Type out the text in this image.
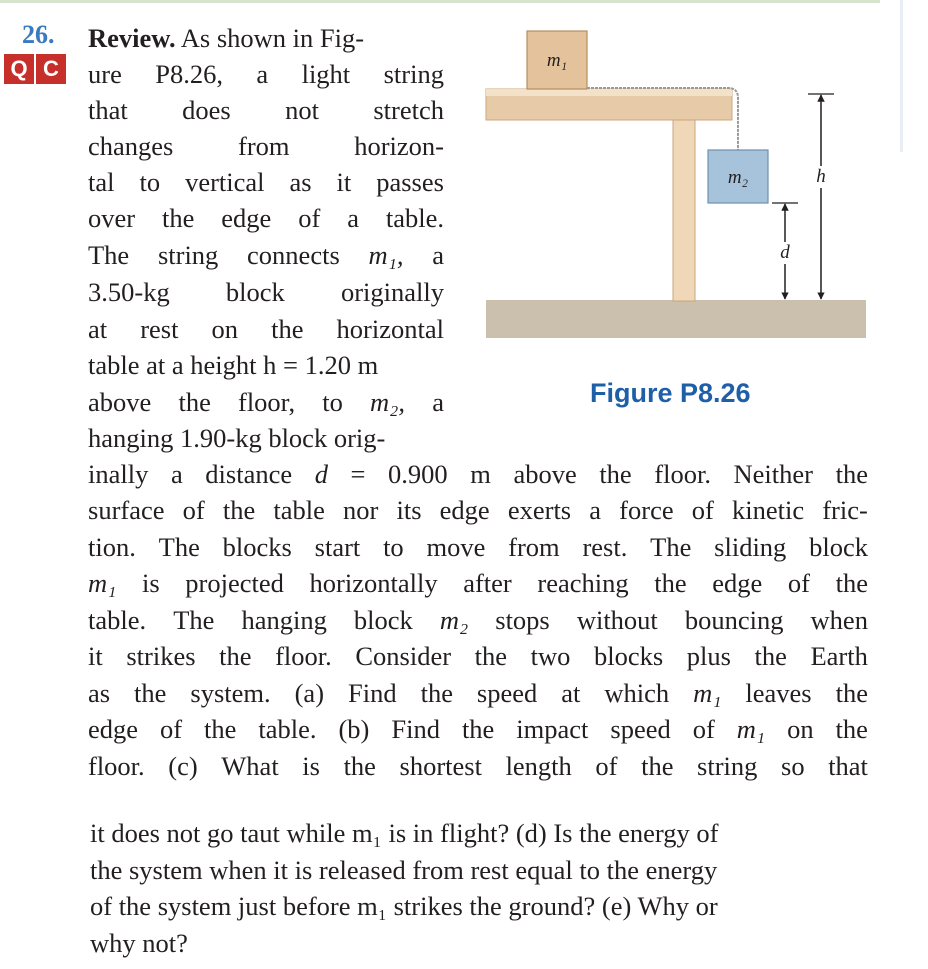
26.
Q C
Review. As shown in Fig-
ure P8.26, a light string
that does not stretch
changes from horizon-
tal to vertical as it passes
over the edge of a table.
The string connects m₁, a
3.50-kg block originally
at rest on the horizontal
table at a height h = 1.20 m
above the floor, to m₂, a
hanging 1.90-kg block orig-
inally a distance d = 0.900 m above the floor. Neither the
surface of the table nor its edge exerts a force of kinetic fric-
tion. The blocks start to move from rest. The sliding block
m₁ is projected horizontally after reaching the edge of the
table. The hanging block m₂ stops without bouncing when
it strikes the floor. Consider the two blocks plus the Earth
as the system. (a) Find the speed at which m₁ leaves the
edge of the table. (b) Find the impact speed of m₁ on the
floor. (c) What is the shortest length of the string so that
it does not go taut while m₁ is in flight? (d) Is the energy of
the system when it is released from rest equal to the energy
of the system just before m₁ strikes the ground? (e) Why or
why not?
m₁
m₂	h
d
Figure P8.26
